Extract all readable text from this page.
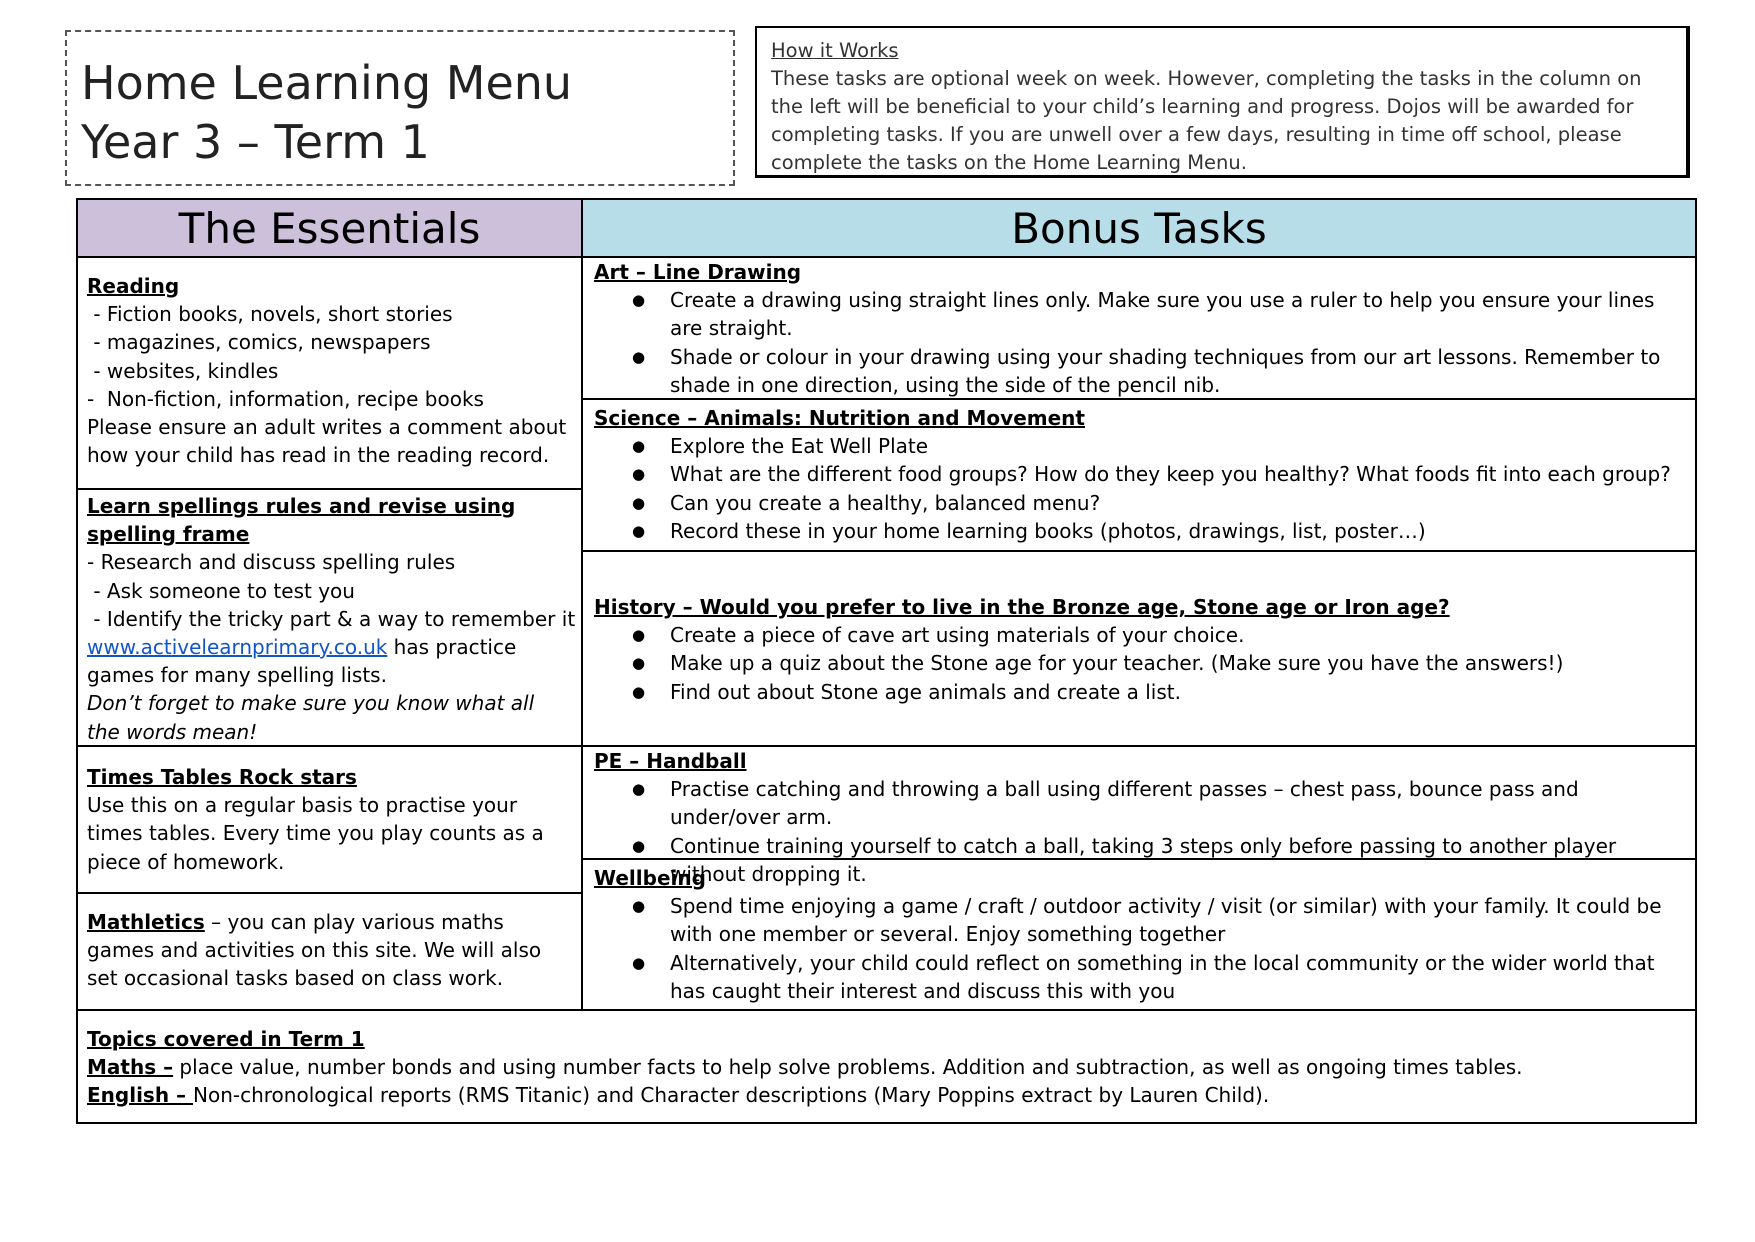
Home Learning Menu
Year 3 – Term 1
How it Works
These tasks are optional week on week. However, completing the tasks in the column on the left will be beneficial to your child’s learning and progress. Dojos will be awarded for completing tasks. If you are unwell over a few days, resulting in time off school, please complete the tasks on the Home Learning Menu.
The Essentials	Bonus Tasks
Reading
- Fiction books, novels, short stories
- magazines, comics, newspapers
- websites, kindles
-  Non-fiction, information, recipe books
Please ensure an adult writes a comment about how your child has read in the reading record.
Learn spellings rules and revise using spelling frame
- Research and discuss spelling rules
- Ask someone to test you
- Identify the tricky part & a way to remember it
www.activelearnprimary.co.uk has practice games for many spelling lists.
Don’t forget to make sure you know what all the words mean!
Times Tables Rock stars
Use this on a regular basis to practise your times tables. Every time you play counts as a piece of homework.
Mathletics – you can play various maths games and activities on this site. We will also set occasional tasks based on class work.
Art – Line Drawing
● Create a drawing using straight lines only. Make sure you use a ruler to help you ensure your lines are straight.
● Shade or colour in your drawing using your shading techniques from our art lessons. Remember to shade in one direction, using the side of the pencil nib.
Science – Animals: Nutrition and Movement
● Explore the Eat Well Plate
● What are the different food groups? How do they keep you healthy? What foods fit into each group?
● Can you create a healthy, balanced menu?
● Record these in your home learning books (photos, drawings, list, poster…)
History – Would you prefer to live in the Bronze age, Stone age or Iron age?
● Create a piece of cave art using materials of your choice.
● Make up a quiz about the Stone age for your teacher. (Make sure you have the answers!)
● Find out about Stone age animals and create a list.
PE – Handball
● Practise catching and throwing a ball using different passes – chest pass, bounce pass and under/over arm.
● Continue training yourself to catch a ball, taking 3 steps only before passing to another player without dropping it.
Wellbeing
● Spend time enjoying a game / craft / outdoor activity / visit (or similar) with your family. It could be with one member or several. Enjoy something together
● Alternatively, your child could reflect on something in the local community or the wider world that has caught their interest and discuss this with you
Topics covered in Term 1
Maths – place value, number bonds and using number facts to help solve problems. Addition and subtraction, as well as ongoing times tables.
English – Non-chronological reports (RMS Titanic) and Character descriptions (Mary Poppins extract by Lauren Child).
